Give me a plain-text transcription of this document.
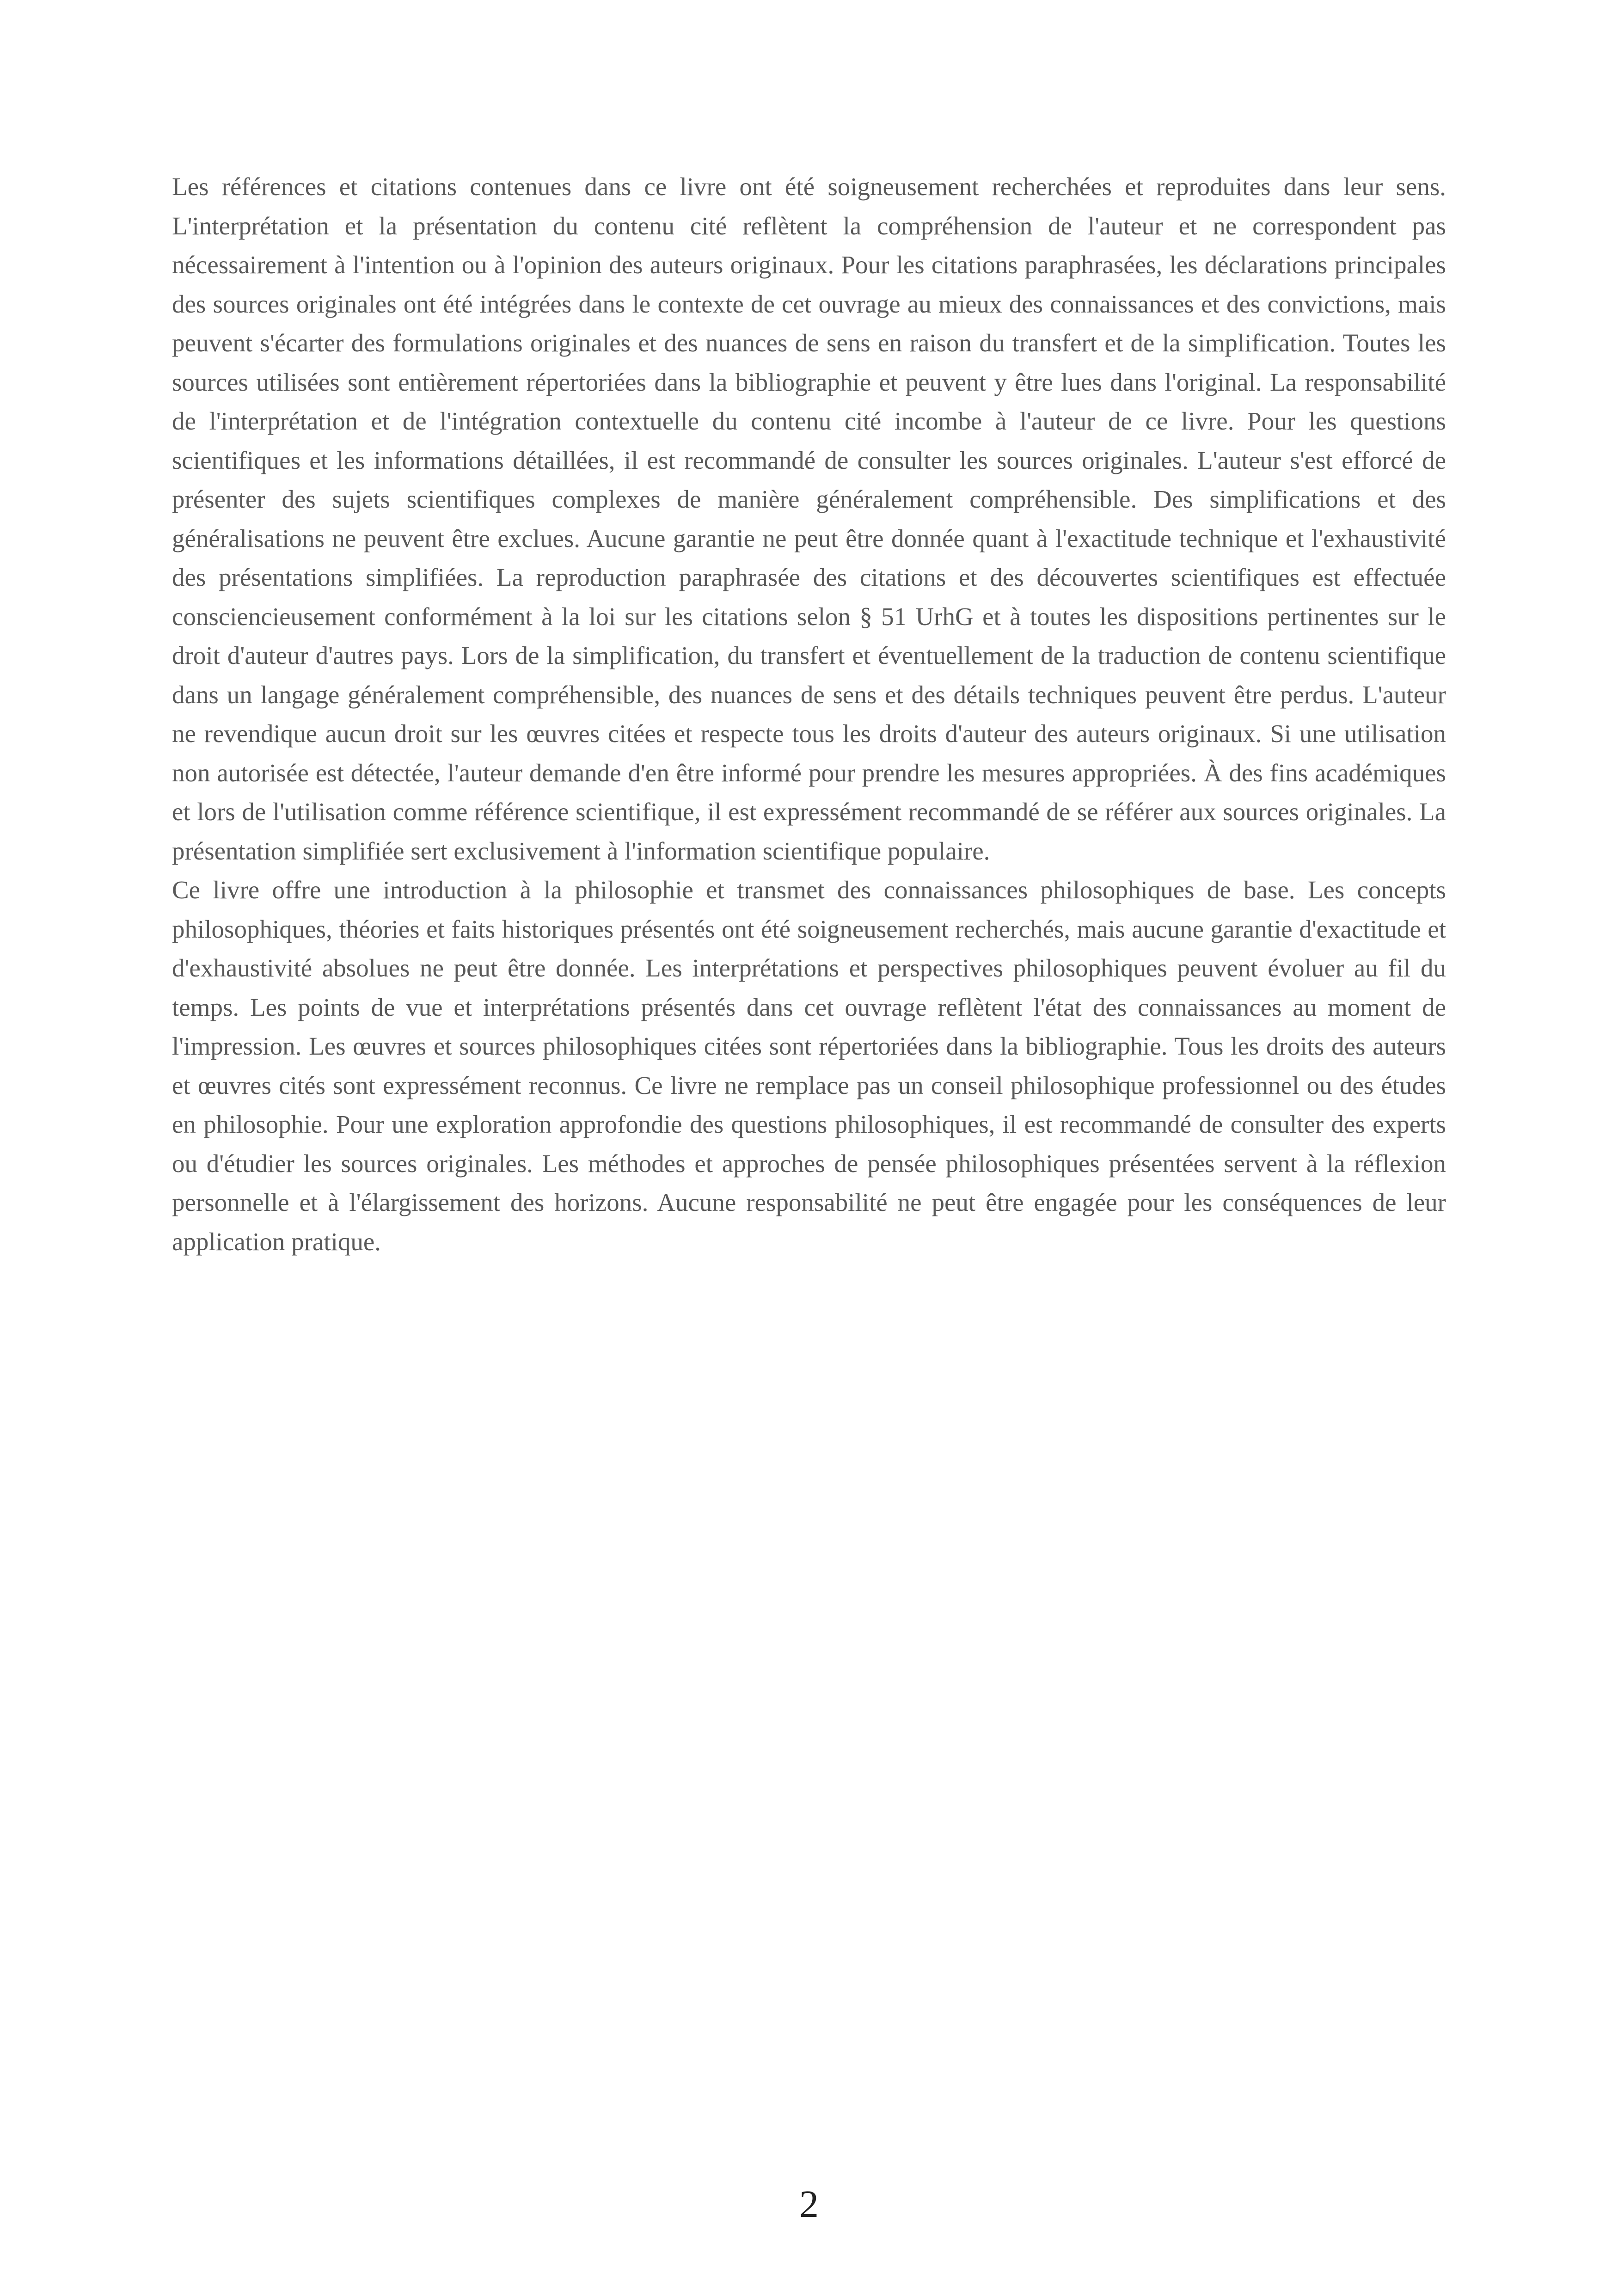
Les références et citations contenues dans ce livre ont été soigneusement recherchées et reproduites dans leur sens. L'interprétation et la présentation du contenu cité reflètent la compréhension de l'auteur et ne correspondent pas nécessairement à l'intention ou à l'opinion des auteurs originaux. Pour les citations paraphrasées, les déclarations principales des sources originales ont été intégrées dans le contexte de cet ouvrage au mieux des connaissances et des convictions, mais peuvent s'écarter des formulations originales et des nuances de sens en raison du transfert et de la simplification. Toutes les sources utilisées sont entièrement répertoriées dans la bibliographie et peuvent y être lues dans l'original. La responsabilité de l'interprétation et de l'intégration contextuelle du contenu cité incombe à l'auteur de ce livre. Pour les questions scientifiques et les informations détaillées, il est recommandé de consulter les sources originales. L'auteur s'est efforcé de présenter des sujets scientifiques complexes de manière généralement compréhensible. Des simplifications et des généralisations ne peuvent être exclues. Aucune garantie ne peut être donnée quant à l'exactitude technique et l'exhaustivité des présentations simplifiées. La reproduction paraphrasée des citations et des découvertes scientifiques est effectuée consciencieusement conformément à la loi sur les citations selon § 51 UrhG et à toutes les dispositions pertinentes sur le droit d'auteur d'autres pays. Lors de la simplification, du transfert et éventuellement de la traduction de contenu scientifique dans un langage généralement compréhensible, des nuances de sens et des détails techniques peuvent être perdus. L'auteur ne revendique aucun droit sur les œuvres citées et respecte tous les droits d'auteur des auteurs originaux. Si une utilisation non autorisée est détectée, l'auteur demande d'en être informé pour prendre les mesures appropriées. À des fins académiques et lors de l'utilisation comme référence scientifique, il est expressément recommandé de se référer aux sources originales. La présentation simplifiée sert exclusivement à l'information scientifique populaire.

Ce livre offre une introduction à la philosophie et transmet des connaissances philosophiques de base. Les concepts philosophiques, théories et faits historiques présentés ont été soigneusement recherchés, mais aucune garantie d'exactitude et d'exhaustivité absolues ne peut être donnée. Les interprétations et perspectives philosophiques peuvent évoluer au fil du temps. Les points de vue et interprétations présentés dans cet ouvrage reflètent l'état des connaissances au moment de l'impression. Les œuvres et sources philosophiques citées sont répertoriées dans la bibliographie. Tous les droits des auteurs et œuvres cités sont expressément reconnus. Ce livre ne remplace pas un conseil philosophique professionnel ou des études en philosophie. Pour une exploration approfondie des questions philosophiques, il est recommandé de consulter des experts ou d'étudier les sources originales. Les méthodes et approches de pensée philosophiques présentées servent à la réflexion personnelle et à l'élargissement des horizons. Aucune responsabilité ne peut être engagée pour les conséquences de leur application pratique.

2
